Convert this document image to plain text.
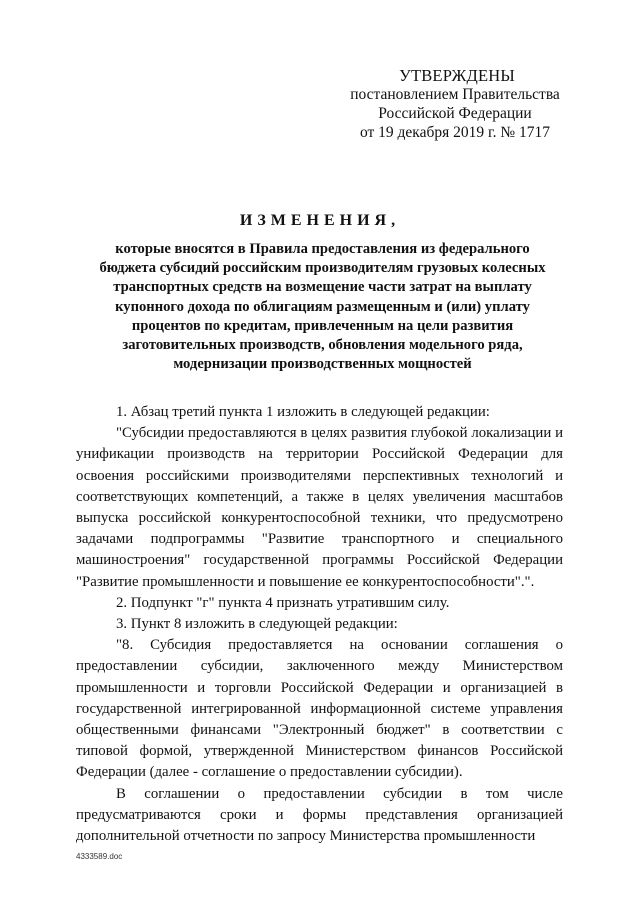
УТВЕРЖДЕНЫ
постановлением Правительства
Российской Федерации
от 19 декабря 2019 г. № 1717
ИЗМЕНЕНИЯ,
которые вносятся в Правила предоставления из федерального бюджета субсидий российским производителям грузовых колесных транспортных средств на возмещение части затрат на выплату купонного дохода по облигациям размещенным и (или) уплату процентов по кредитам, привлеченным на цели развития заготовительных производств, обновления модельного ряда, модернизации производственных мощностей

1. Абзац третий пункта 1 изложить в следующей редакции:

"Субсидии предоставляются в целях развития глубокой локализации и унификации производств на территории Российской Федерации для освоения российскими производителями перспективных технологий и соответствующих компетенций, а также в целях увеличения масштабов выпуска российской конкурентоспособной техники, что предусмотрено задачами подпрограммы "Развитие транспортного и специального машиностроения" государственной программы Российской Федерации "Развитие промышленности и повышение ее конкурентоспособности".".

2. Подпункт "г" пункта 4 признать утратившим силу.

3. Пункт 8 изложить в следующей редакции:

"8. Субсидия предоставляется на основании соглашения о предоставлении субсидии, заключенного между Министерством промышленности и торговли Российской Федерации и организацией в государственной интегрированной информационной системе управления общественными финансами "Электронный бюджет" в соответствии с типовой формой, утвержденной Министерством финансов Российской Федерации (далее - соглашение о предоставлении субсидии).

В соглашении о предоставлении субсидии в том числе предусматриваются сроки и формы представления организацией дополнительной отчетности по запросу Министерства промышленности

4333589.doc
